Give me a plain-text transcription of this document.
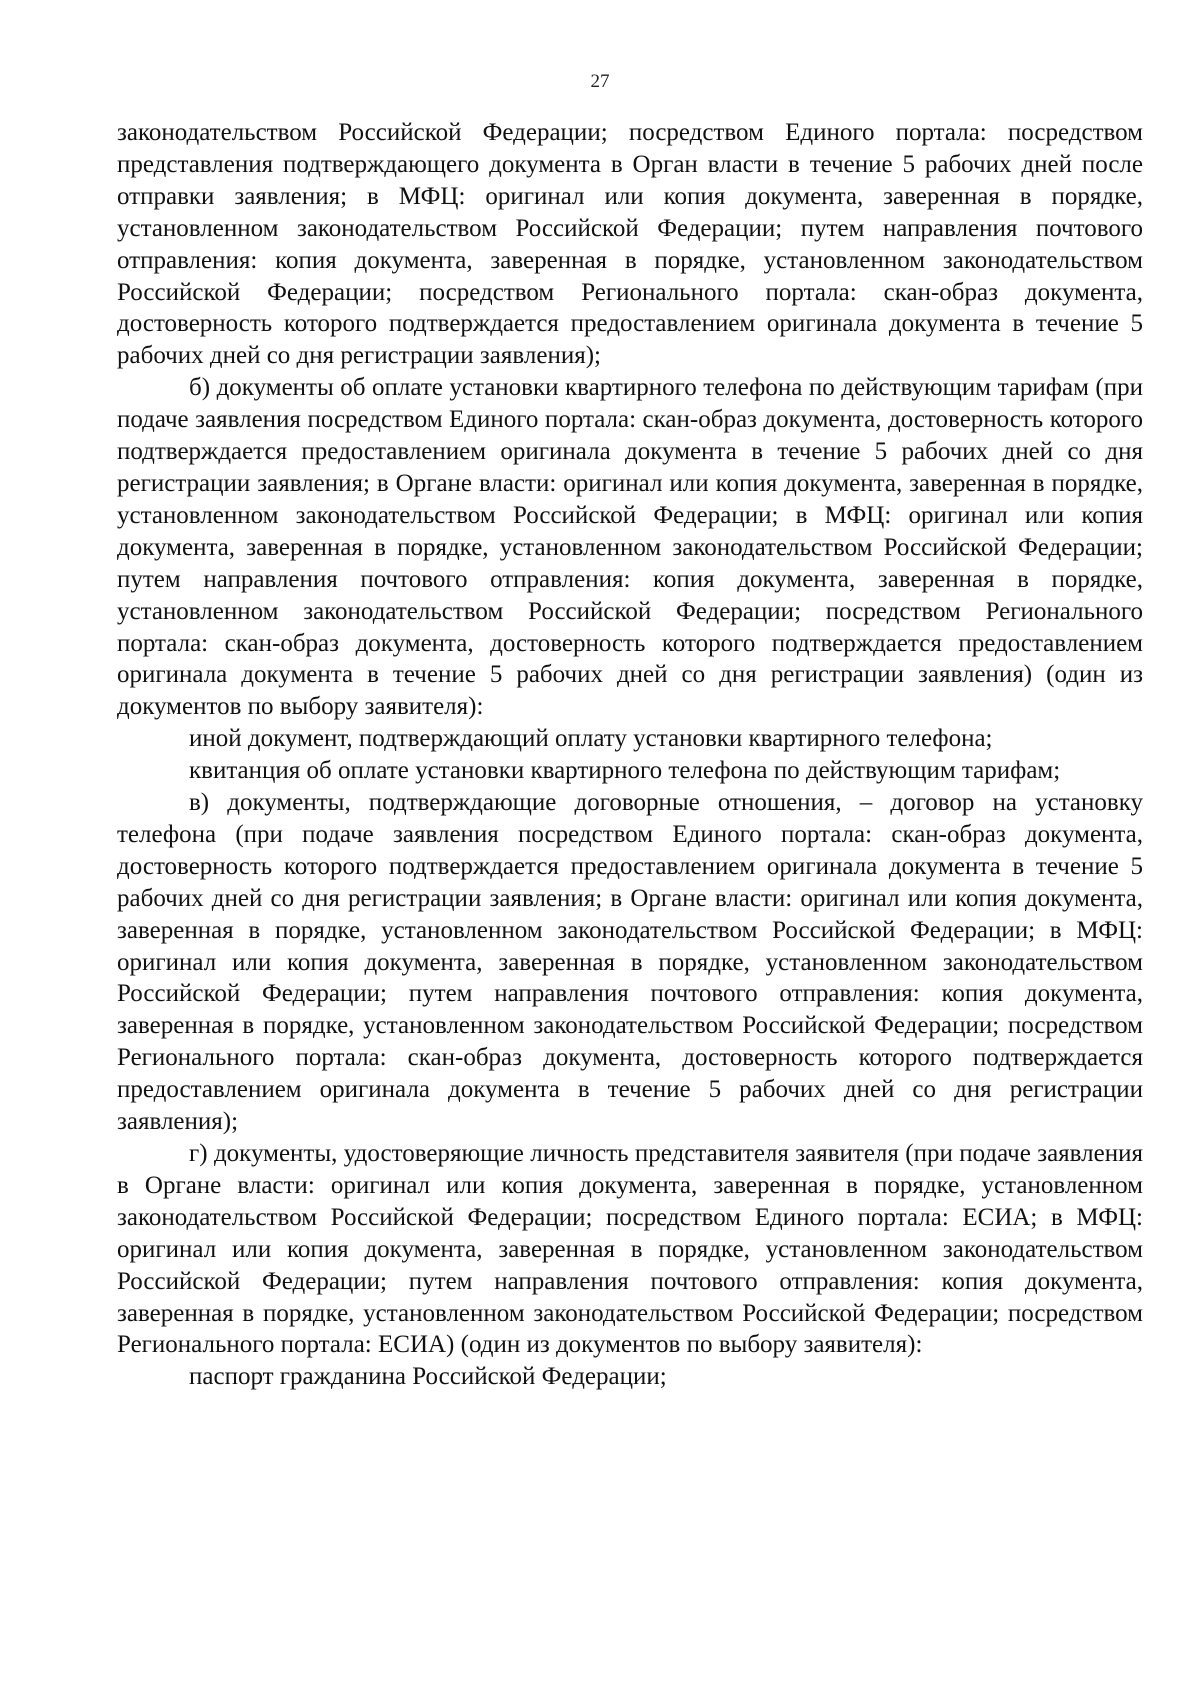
27

законодательством Российской Федерации; посредством Единого портала: посредством представления подтверждающего документа в Орган власти в течение 5 рабочих дней после отправки заявления; в МФЦ: оригинал или копия документа, заверенная в порядке, установленном законодательством Российской Федерации; путем направления почтового отправления: копия документа, заверенная в порядке, установленном законодательством Российской Федерации; посредством Регионального портала: скан-образ документа, достоверность которого подтверждается предоставлением оригинала документа в течение 5 рабочих дней со дня регистрации заявления);

б) документы об оплате установки квартирного телефона по действующим тарифам (при подаче заявления посредством Единого портала: скан-образ документа, достоверность которого подтверждается предоставлением оригинала документа в течение 5 рабочих дней со дня регистрации заявления; в Органе власти: оригинал или копия документа, заверенная в порядке, установленном законодательством Российской Федерации; в МФЦ: оригинал или копия документа, заверенная в порядке, установленном законодательством Российской Федерации; путем направления почтового отправления: копия документа, заверенная в порядке, установленном законодательством Российской Федерации; посредством Регионального портала: скан-образ документа, достоверность которого подтверждается предоставлением оригинала документа в течение 5 рабочих дней со дня регистрации заявления) (один из документов по выбору заявителя):

иной документ, подтверждающий оплату установки квартирного телефона;

квитанция об оплате установки квартирного телефона по действующим тарифам;

в) документы, подтверждающие договорные отношения, – договор на установку телефона (при подаче заявления посредством Единого портала: скан-образ документа, достоверность которого подтверждается предоставлением оригинала документа в течение 5 рабочих дней со дня регистрации заявления; в Органе власти: оригинал или копия документа, заверенная в порядке, установленном законодательством Российской Федерации; в МФЦ: оригинал или копия документа, заверенная в порядке, установленном законодательством Российской Федерации; путем направления почтового отправления: копия документа, заверенная в порядке, установленном законодательством Российской Федерации; посредством Регионального портала: скан-образ документа, достоверность которого подтверждается предоставлением оригинала документа в течение 5 рабочих дней со дня регистрации заявления);

г) документы, удостоверяющие личность представителя заявителя (при подаче заявления в Органе власти: оригинал или копия документа, заверенная в порядке, установленном законодательством Российской Федерации; посредством Единого портала: ЕСИА; в МФЦ: оригинал или копия документа, заверенная в порядке, установленном законодательством Российской Федерации; путем направления почтового отправления: копия документа, заверенная в порядке, установленном законодательством Российской Федерации; посредством Регионального портала: ЕСИА) (один из документов по выбору заявителя):

паспорт гражданина Российской Федерации;
